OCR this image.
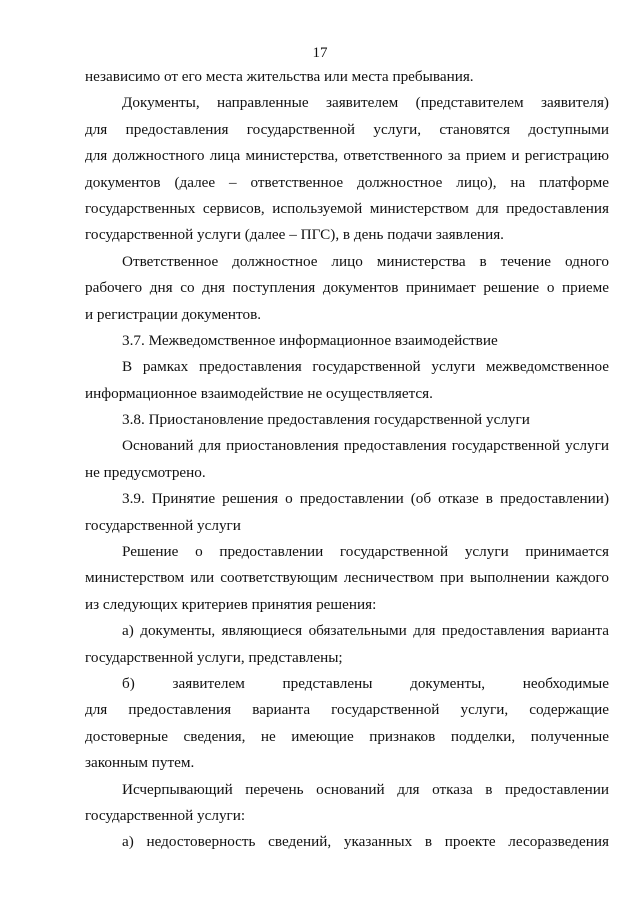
17
независимо от его места жительства или места пребывания.
Документы, направленные заявителем (представителем заявителя)
для предоставления государственной услуги, становятся доступными
для должностного лица министерства, ответственного за прием и регистрацию
документов (далее – ответственное должностное лицо), на платформе
государственных сервисов, используемой министерством для предоставления
государственной услуги (далее – ПГС), в день подачи заявления.
Ответственное должностное лицо министерства в течение одного
рабочего дня со дня поступления документов принимает решение о приеме
и регистрации документов.
3.7. Межведомственное информационное взаимодействие
В рамках предоставления государственной услуги межведомственное
информационное взаимодействие не осуществляется.
3.8. Приостановление предоставления государственной услуги
Оснований для приостановления предоставления государственной услуги
не предусмотрено.
3.9. Принятие решения о предоставлении (об отказе в предоставлении)
государственной услуги
Решение о предоставлении государственной услуги принимается
министерством или соответствующим лесничеством при выполнении каждого
из следующих критериев принятия решения:
а) документы, являющиеся обязательными для предоставления варианта
государственной услуги, представлены;
б) заявителем представлены документы, необходимые
для предоставления варианта государственной услуги, содержащие
достоверные сведения, не имеющие признаков подделки, полученные
законным путем.
Исчерпывающий перечень оснований для отказа в предоставлении
государственной услуги:
а) недостоверность сведений, указанных в проекте лесоразведения
